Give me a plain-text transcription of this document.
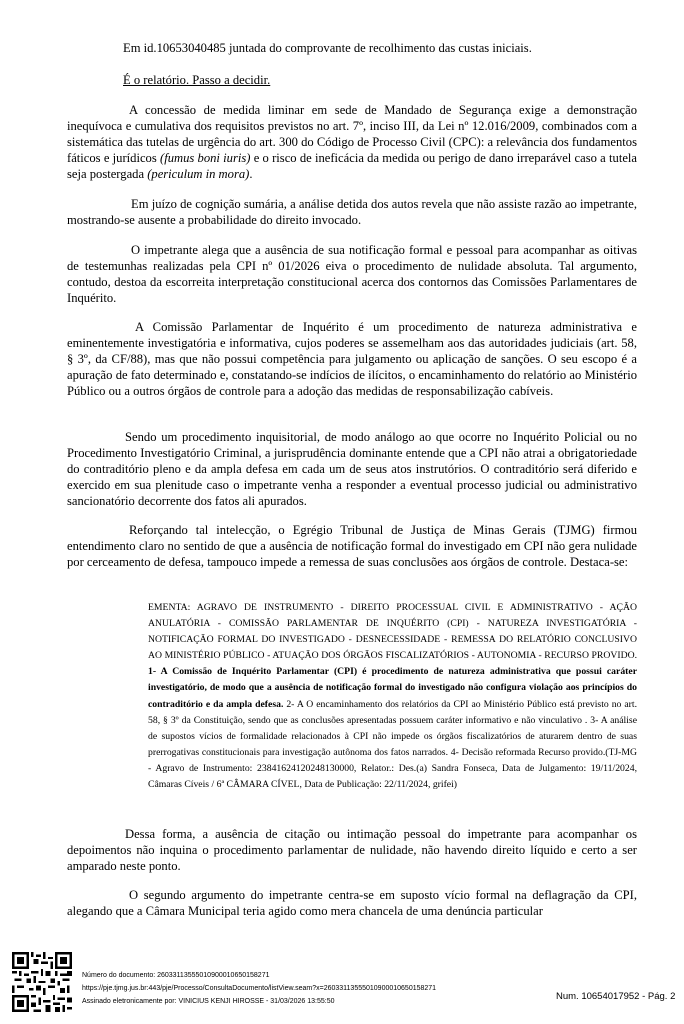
Em id.10653040485 juntada do comprovante de recolhimento das custas iniciais.

É o relatório. Passo a decidir.

A concessão de medida liminar em sede de Mandado de Segurança exige a demonstração inequívoca e cumulativa dos requisitos previstos no art. 7º, inciso III, da Lei nº 12.016/2009, combinados com a sistemática das tutelas de urgência do art. 300 do Código de Processo Civil (CPC): a relevância dos fundamentos fáticos e jurídicos (fumus boni iuris) e o risco de ineficácia da medida ou perigo de dano irreparável caso a tutela seja postergada (periculum in mora).

Em juízo de cognição sumária, a análise detida dos autos revela que não assiste razão ao impetrante, mostrando-se ausente a probabilidade do direito invocado.

O impetrante alega que a ausência de sua notificação formal e pessoal para acompanhar as oitivas de testemunhas realizadas pela CPI nº 01/2026 eiva o procedimento de nulidade absoluta. Tal argumento, contudo, destoa da escorreita interpretação constitucional acerca dos contornos das Comissões Parlamentares de Inquérito.

A Comissão Parlamentar de Inquérito é um procedimento de natureza administrativa e eminentemente investigatória e informativa, cujos poderes se assemelham aos das autoridades judiciais (art. 58, § 3º, da CF/88), mas que não possui competência para julgamento ou aplicação de sanções. O seu escopo é a apuração de fato determinado e, constatando-se indícios de ilícitos, o encaminhamento do relatório ao Ministério Público ou a outros órgãos de controle para a adoção das medidas de responsabilização cabíveis.

Sendo um procedimento inquisitorial, de modo análogo ao que ocorre no Inquérito Policial ou no Procedimento Investigatório Criminal, a jurisprudência dominante entende que a CPI não atrai a obrigatoriedade do contraditório pleno e da ampla defesa em cada um de seus atos instrutórios. O contraditório será diferido e exercido em sua plenitude caso o impetrante venha a responder a eventual processo judicial ou administrativo sancionatório decorrente dos fatos ali apurados.

Reforçando tal intelecção, o Egrégio Tribunal de Justiça de Minas Gerais (TJMG) firmou entendimento claro no sentido de que a ausência de notificação formal do investigado em CPI não gera nulidade por cerceamento de defesa, tampouco impede a remessa de suas conclusões aos órgãos de controle. Destaca-se:

EMENTA: AGRAVO DE INSTRUMENTO - DIREITO PROCESSUAL CIVIL E ADMINISTRATIVO - AÇÃO ANULATÓRIA - COMISSÃO PARLAMENTAR DE INQUÉRITO (CPI) - NATUREZA INVESTIGATÓRIA - NOTIFICAÇÃO FORMAL DO INVESTIGADO - DESNECESSIDADE - REMESSA DO RELATÓRIO CONCLUSIVO AO MINISTÉRIO PÚBLICO - ATUAÇÃO DOS ÓRGÃOS FISCALIZATÓRIOS - AUTONOMIA - RECURSO PROVIDO. 1- A Comissão de Inquérito Parlamentar (CPI) é procedimento de natureza administrativa que possui caráter investigatório, de modo que a ausência de notificação formal do investigado não configura violação aos princípios do contraditório e da ampla defesa. 2- A O encaminhamento dos relatórios da CPI ao Ministério Público está previsto no art. 58, § 3º da Constituição, sendo que as conclusões apresentadas possuem caráter informativo e não vinculativo . 3- A análise de supostos vícios de formalidade relacionados à CPI não impede os órgãos fiscalizatórios de aturarem dentro de suas prerrogativas constitucionais para investigação autônoma dos fatos narrados. 4- Decisão reformada Recurso provido.(TJ-MG - Agravo de Instrumento: 23841624120248130000, Relator.: Des.(a) Sandra Fonseca, Data de Julgamento: 19/11/2024, Câmaras Cíveis / 6ª CÂMARA CÍVEL, Data de Publicação: 22/11/2024, grifei)

Dessa forma, a ausência de citação ou intimação pessoal do impetrante para acompanhar os depoimentos não inquina o procedimento parlamentar de nulidade, não havendo direito líquido e certo a ser amparado neste ponto.

O segundo argumento do impetrante centra-se em suposto vício formal na deflagração da CPI, alegando que a Câmara Municipal teria agido como mera chancela de uma denúncia particular

Número do documento: 26033113555010900010650158271
https://pje.tjmg.jus.br:443/pje/Processo/ConsultaDocumento/listView.seam?x=26033113555010900010650158271
Assinado eletronicamente por: VINICIUS KENJI HIROSSE - 31/03/2026 13:55:50	Num. 10654017952 - Pág. 2
